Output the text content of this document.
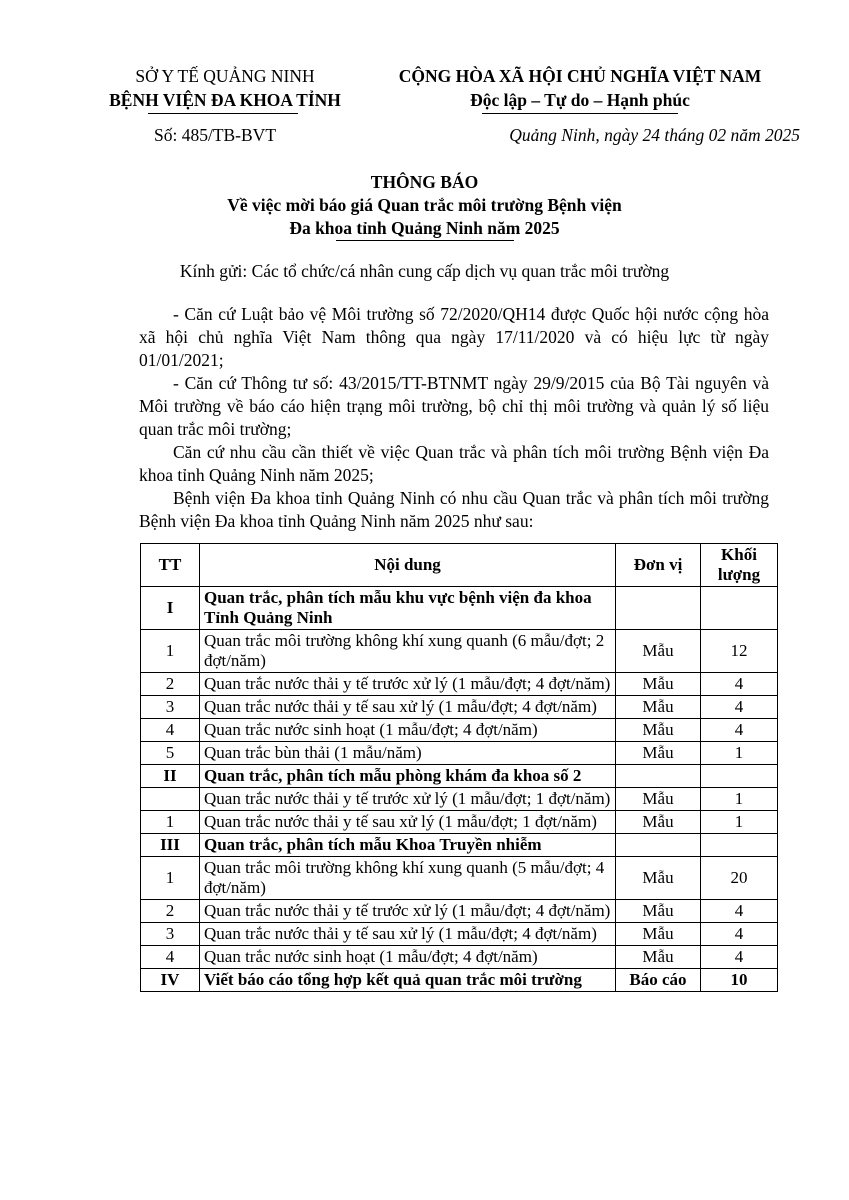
SỞ Y TẾ QUẢNG NINH
BỆNH VIỆN ĐA KHOA TỈNH
CỘNG HÒA XÃ HỘI CHỦ NGHĨA VIỆT NAM
Độc lập – Tự do – Hạnh phúc
Số: 485/TB-BVT	Quảng Ninh, ngày 24 tháng 02 năm 2025
THÔNG BÁO
Về việc mời báo giá Quan trắc môi trường Bệnh viện
Đa khoa tỉnh Quảng Ninh năm 2025
Kính gửi: Các tổ chức/cá nhân cung cấp dịch vụ quan trắc môi trường

- Căn cứ Luật bảo vệ Môi trường số 72/2020/QH14 được Quốc hội nước cộng hòa xã hội chủ nghĩa Việt Nam thông qua ngày 17/11/2020 và có hiệu lực từ ngày 01/01/2021;

- Căn cứ Thông tư số: 43/2015/TT-BTNMT ngày 29/9/2015 của Bộ Tài nguyên và Môi trường về báo cáo hiện trạng môi trường, bộ chỉ thị môi trường và quản lý số liệu quan trắc môi trường;

Căn cứ nhu cầu cần thiết về việc Quan trắc và phân tích môi trường Bệnh viện Đa khoa tỉnh Quảng Ninh năm 2025;

Bệnh viện Đa khoa tỉnh Quảng Ninh có nhu cầu Quan trắc và phân tích môi trường Bệnh viện Đa khoa tỉnh Quảng Ninh năm 2025 như sau:

TT	Nội dung	Đơn vị	Khối lượng
I	Quan trắc, phân tích mẫu khu vực bệnh viện đa khoa Tỉnh Quảng Ninh		
1	Quan trắc môi trường không khí xung quanh (6 mẫu/đợt; 2 đợt/năm)	Mẫu	12
2	Quan trắc nước thải y tế trước xử lý (1 mẫu/đợt; 4 đợt/năm)	Mẫu	4
3	Quan trắc nước thải y tế sau xử lý (1 mẫu/đợt; 4 đợt/năm)	Mẫu	4
4	Quan trắc nước sinh hoạt (1 mẫu/đợt; 4 đợt/năm)	Mẫu	4
5	Quan trắc bùn thải (1 mẫu/năm)	Mẫu	1
II	Quan trắc, phân tích mẫu phòng khám đa khoa số 2		
	Quan trắc nước thải y tế trước xử lý (1 mẫu/đợt; 1 đợt/năm)	Mẫu	1
1	Quan trắc nước thải y tế sau xử lý (1 mẫu/đợt; 1 đợt/năm)	Mẫu	1
III	Quan trắc, phân tích mẫu Khoa Truyền nhiễm		
1	Quan trắc môi trường không khí xung quanh (5 mẫu/đợt; 4 đợt/năm)	Mẫu	20
2	Quan trắc nước thải y tế trước xử lý (1 mẫu/đợt; 4 đợt/năm)	Mẫu	4
3	Quan trắc nước thải y tế sau xử lý (1 mẫu/đợt; 4 đợt/năm)	Mẫu	4
4	Quan trắc nước sinh hoạt (1 mẫu/đợt; 4 đợt/năm)	Mẫu	4
IV	Viết báo cáo tổng hợp kết quả quan trắc môi trường	Báo cáo	10
